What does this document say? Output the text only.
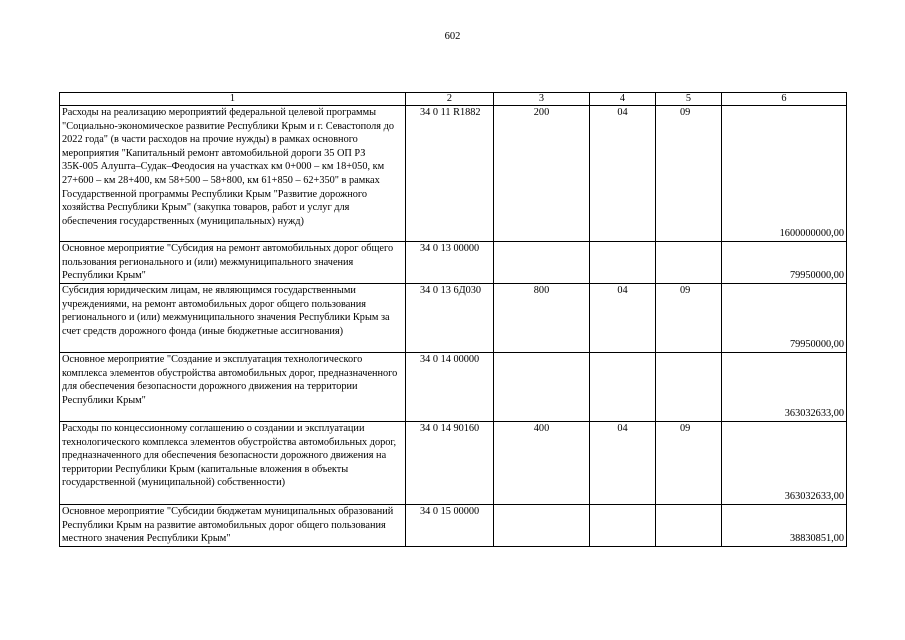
602
1	2	3	4	5	6

Расходы на реализацию мероприятий федеральной целевой программы "Социально-экономическое развитие Республики Крым и г. Севастополя до 2022 года" (в части расходов на прочие нужды) в рамках основного мероприятия "Капитальный ремонт автомобильной дороги 35 ОП РЗ 35К-005 Алушта–Судак–Феодосия на участках км 0+000 – км 18+050, км 27+600 – км 28+400, км 58+500 – 58+800, км 61+850 – 62+350" в рамках Государственной программы Республики Крым "Развитие дорожного хозяйства Республики Крым" (закупка товаров, работ и услуг для обеспечения государственных (муниципальных) нужд)	34 0 11 R1882	200	04	09	1600000000,00

Основное мероприятие "Субсидия на ремонт автомобильных дорог общего пользования регионального и (или) межмуниципального значения Республики Крым"	34 0 13 00000				79950000,00

Субсидия юридическим лицам, не являющимся государственными учреждениями, на ремонт автомобильных дорог общего пользования регионального и (или) межмуниципального значения Республики Крым за счет средств дорожного фонда (иные бюджетные ассигнования)	34 0 13 6Д030	800	04	09	79950000,00

Основное мероприятие "Создание и эксплуатация технологического комплекса элементов обустройства автомобильных дорог, предназначенного для обеспечения безопасности дорожного движения на территории Республики Крым"	34 0 14 00000				363032633,00

Расходы по концессионному соглашению о создании и эксплуатации технологического комплекса элементов обустройства автомобильных дорог, предназначенного для обеспечения безопасности дорожного движения на территории Республики Крым (капитальные вложения в объекты государственной (муниципальной) собственности)	34 0 14 90160	400	04	09	363032633,00

Основное мероприятие "Субсидии бюджетам муниципальных образований Республики Крым на развитие автомобильных дорог общего пользования местного значения Республики Крым"	34 0 15 00000				38830851,00
